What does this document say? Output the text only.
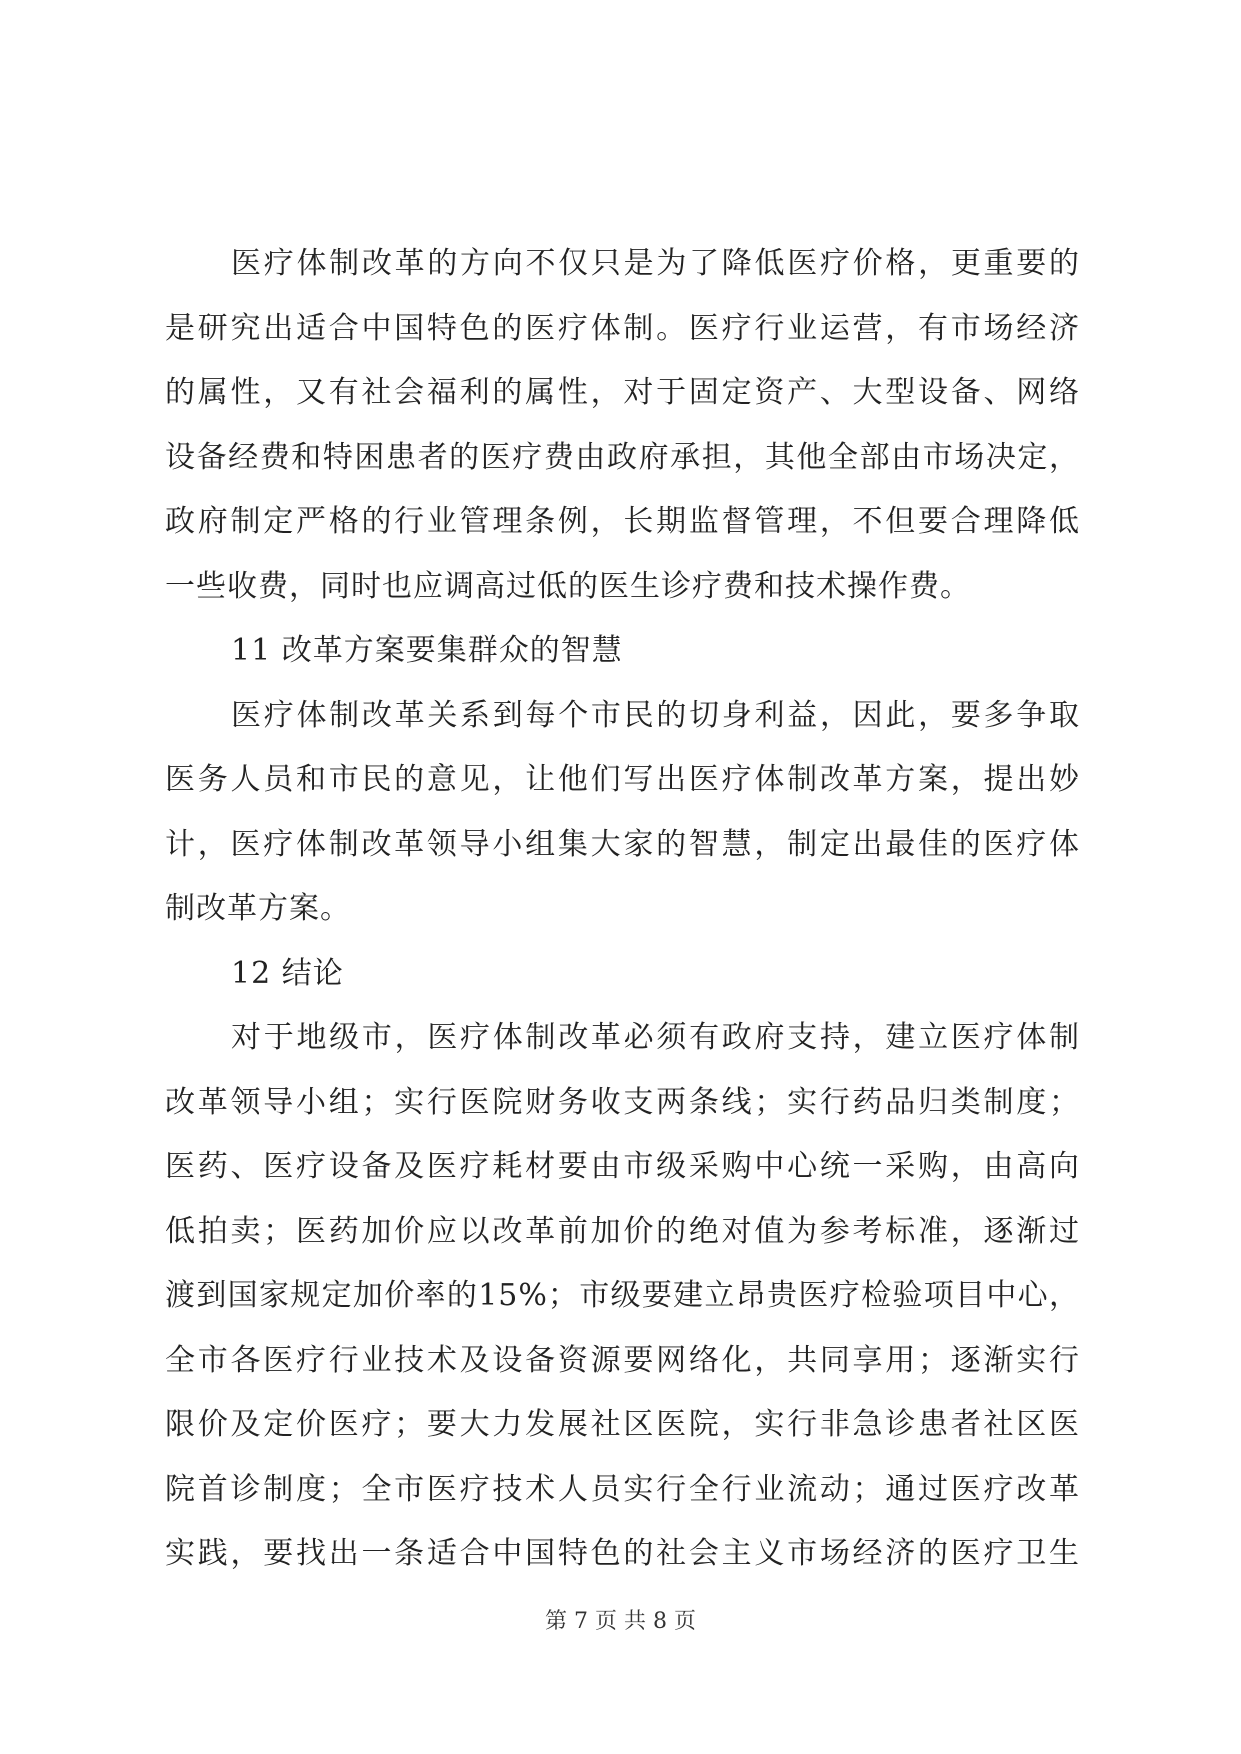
医疗体制改革的方向不仅只是为了降低医疗价格，更重要的
是研究出适合中国特色的医疗体制。医疗行业运营，有市场经济
的属性，又有社会福利的属性，对于固定资产、大型设备、网络
设备经费和特困患者的医疗费由政府承担，其他全部由市场决定，
政府制定严格的行业管理条例，长期监督管理，不但要合理降低
一些收费，同时也应调高过低的医生诊疗费和技术操作费。
11 改革方案要集群众的智慧
医疗体制改革关系到每个市民的切身利益，因此，要多争取
医务人员和市民的意见，让他们写出医疗体制改革方案，提出妙
计，医疗体制改革领导小组集大家的智慧，制定出最佳的医疗体
制改革方案。
12 结论
对于地级市，医疗体制改革必须有政府支持，建立医疗体制
改革领导小组；实行医院财务收支两条线；实行药品归类制度；
医药、医疗设备及医疗耗材要由市级采购中心统一采购，由高向
低拍卖；医药加价应以改革前加价的绝对值为参考标准，逐渐过
渡到国家规定加价率的15%；市级要建立昂贵医疗检验项目中心，
全市各医疗行业技术及设备资源要网络化，共同享用；逐渐实行
限价及定价医疗；要大力发展社区医院，实行非急诊患者社区医
院首诊制度；全市医疗技术人员实行全行业流动；通过医疗改革
实践，要找出一条适合中国特色的社会主义市场经济的医疗卫生
第 7 页 共 8 页
